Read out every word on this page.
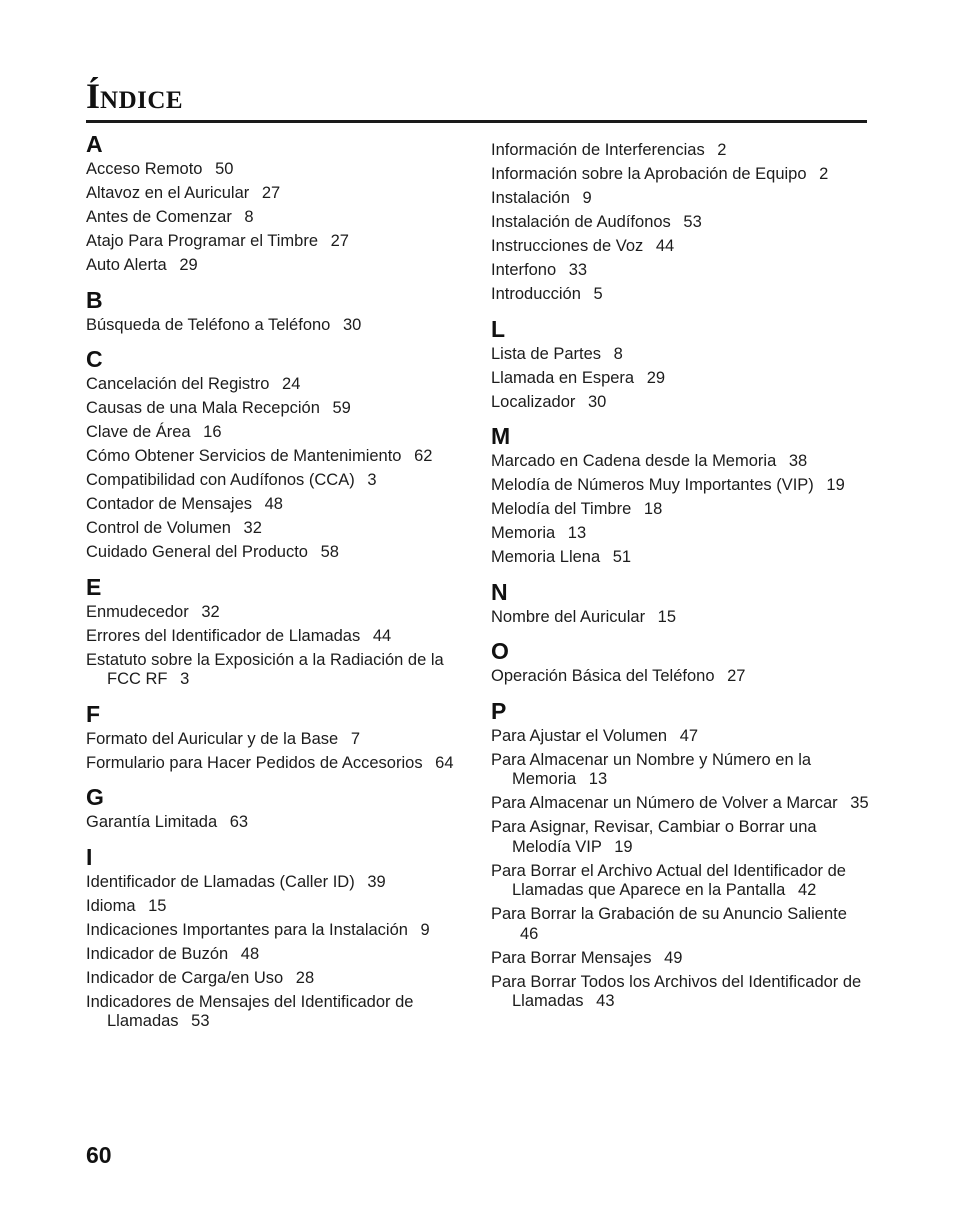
ÍNDICE
A
Acceso Remoto 50
Altavoz en el Auricular 27
Antes de Comenzar 8
Atajo Para Programar el Timbre 27
Auto Alerta 29
B
Búsqueda de Teléfono a Teléfono 30
C
Cancelación del Registro 24
Causas de una Mala Recepción 59
Clave de Área 16
Cómo Obtener Servicios de Mantenimiento 62
Compatibilidad con Audífonos (CCA) 3
Contador de Mensajes 48
Control de Volumen 32
Cuidado General del Producto 58
E
Enmudecedor 32
Errores del Identificador de Llamadas 44
Estatuto sobre la Exposición a la Radiación de la FCC RF 3
F
Formato del Auricular y de la Base 7
Formulario para Hacer Pedidos de Accesorios 64
G
Garantía Limitada 63
I
Identificador de Llamadas (Caller ID) 39
Idioma 15
Indicaciones Importantes para la Instalación 9
Indicador de Buzón 48
Indicador de Carga/en Uso 28
Indicadores de Mensajes del Identificador de Llamadas 53
Información de Interferencias 2
Información sobre la Aprobación de Equipo 2
Instalación 9
Instalación de Audífonos 53
Instrucciones de Voz 44
Interfono 33
Introducción 5
L
Lista de Partes 8
Llamada en Espera 29
Localizador 30
M
Marcado en Cadena desde la Memoria 38
Melodía de Números Muy Importantes (VIP) 19
Melodía del Timbre 18
Memoria 13
Memoria Llena 51
N
Nombre del Auricular 15
O
Operación Básica del Teléfono 27
P
Para Ajustar el Volumen 47
Para Almacenar un Nombre y Número en la Memoria 13
Para Almacenar un Número de Volver a Marcar 35
Para Asignar, Revisar, Cambiar o Borrar una Melodía VIP 19
Para Borrar el Archivo Actual del Identificador de Llamadas que Aparece en la Pantalla 42
Para Borrar la Grabación de su Anuncio Saliente 46
Para Borrar Mensajes 49
Para Borrar Todos los Archivos del Identificador de Llamadas 43
60
